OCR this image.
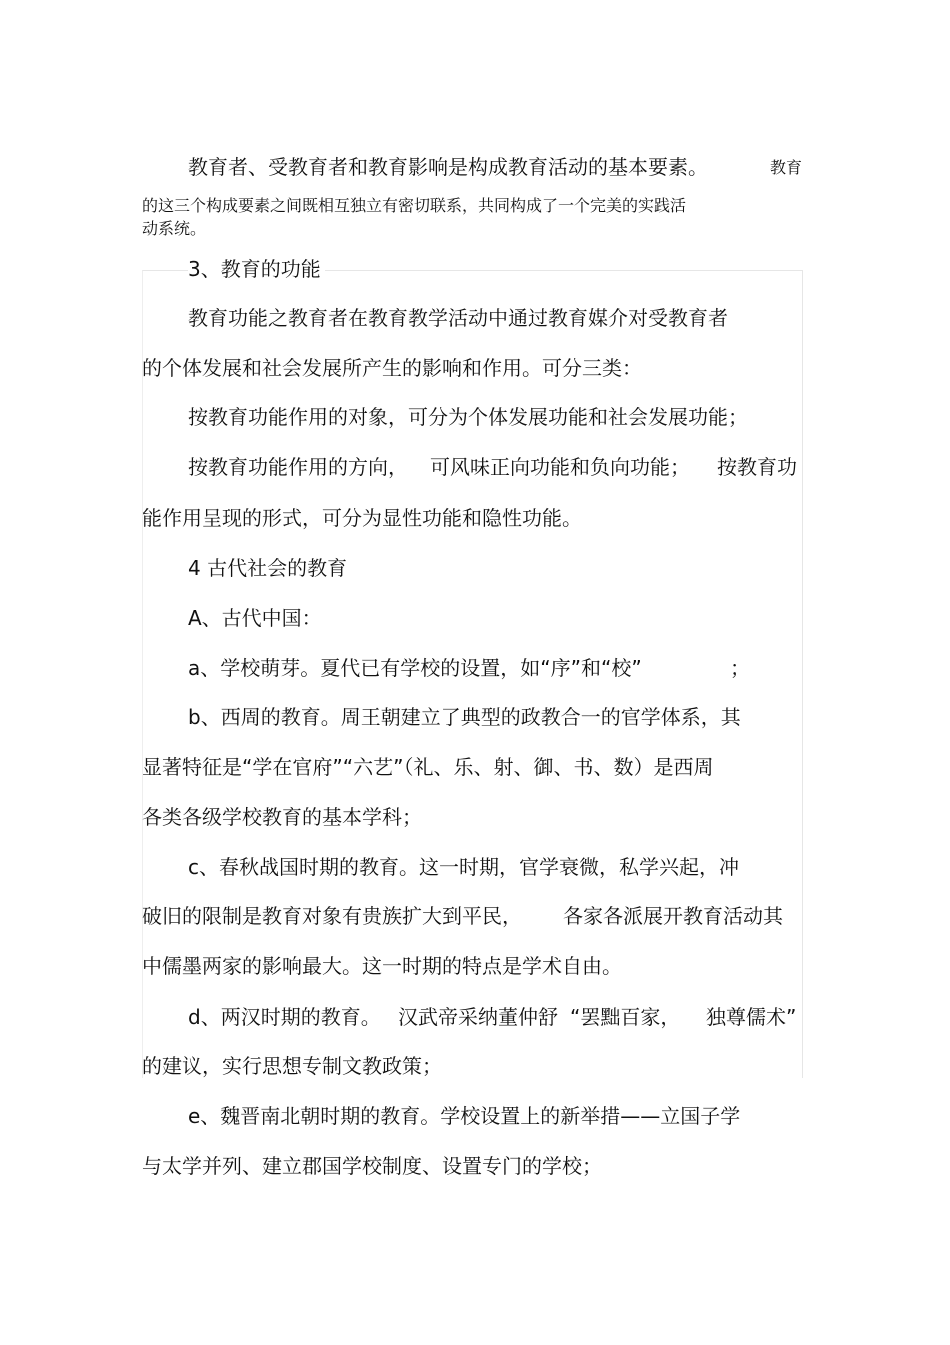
教育者、受教育者和教育影响是构成教育活动的基本要素。	教育
的这三个构成要素之间既相互独立有密切联系，共同构成了一个完美的实践活
动系统。
3、教育的功能
教育功能之教育者在教育教学活动中通过教育媒介对受教育者
的个体发展和社会发展所产生的影响和作用。可分三类：
按教育功能作用的对象，可分为个体发展功能和社会发展功能；
按教育功能作用的方向， 可风味正向功能和负向功能； 按教育功
能作用呈现的形式，可分为显性功能和隐性功能。
4 古代社会的教育
A、古代中国：
a、学校萌芽。夏代已有学校的设置，如“序”和“校”	；
b、西周的教育。周王朝建立了典型的政教合一的官学体系，其
显著特征是“学在官府”“六艺”（礼、乐、射、御、书、数）是西周
各类各级学校教育的基本学科；
c、春秋战国时期的教育。这一时期，官学衰微，私学兴起，冲
破旧的限制是教育对象有贵族扩大到平民， 各家各派展开教育活动其
中儒墨两家的影响最大。这一时期的特点是学术自由。
d、两汉时期的教育。 汉武帝采纳董仲舒 “罢黜百家， 独尊儒术”
的建议，实行思想专制文教政策；
e、魏晋南北朝时期的教育。学校设置上的新举措——立国子学
与太学并列、建立郡国学校制度、设置专门的学校；
